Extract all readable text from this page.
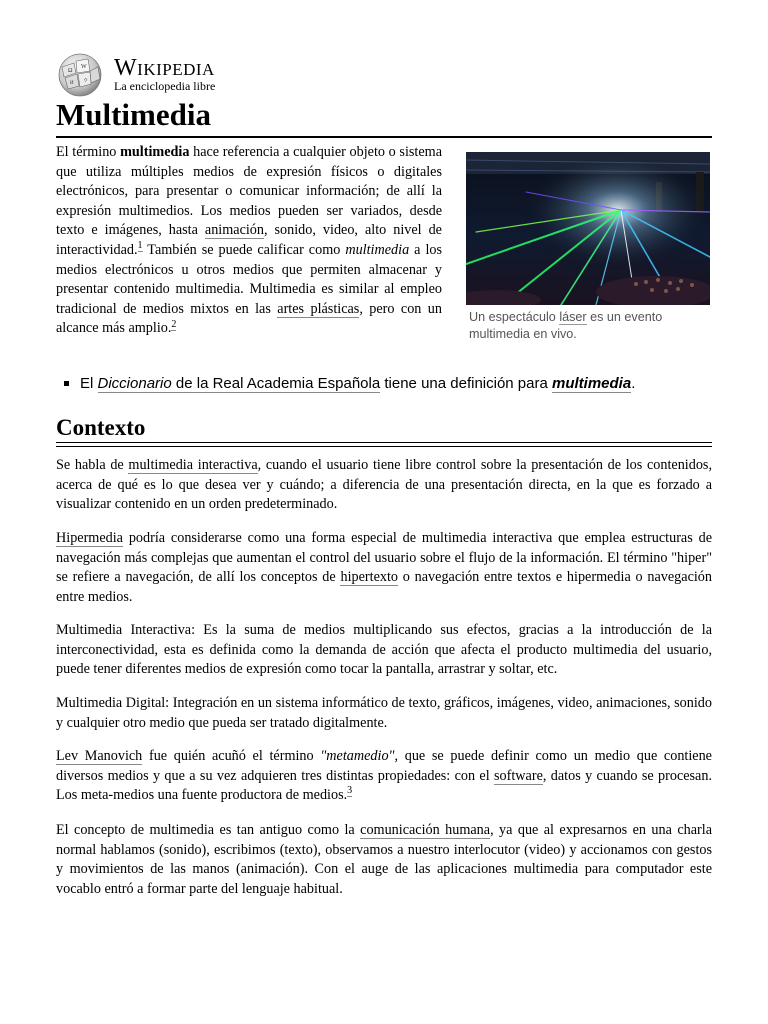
Ω
W
И ウ
Wikipedia
La enciclopedia libre
Multimedia

El término multimedia hace referencia a cualquier objeto o sistema que utiliza múltiples medios de expresión físicos o digitales electrónicos, para presentar o comunicar información; de allí la expresión multimedios. Los medios pueden ser variados, desde texto e imágenes, hasta animación, sonido, video, alto nivel de interactividad.$^1$ También se puede calificar como multimedia a los medios electrónicos u otros medios que permiten almacenar y presentar contenido multimedia. Multimedia es similar al empleo tradicional de medios mixtos en las artes plásticas, pero con un alcance más amplio.$^2$

Un espectáculo láser es un evento multimedia en vivo.
El Diccionario de la Real Academia Española tiene una definición para multimedia.
Contexto

Se habla de multimedia interactiva, cuando el usuario tiene libre control sobre la presentación de los contenidos, acerca de qué es lo que desea ver y cuándo; a diferencia de una presentación directa, en la que es forzado a visualizar contenido en un orden predeterminado.

Hipermedia podría considerarse como una forma especial de multimedia interactiva que emplea estructuras de navegación más complejas que aumentan el control del usuario sobre el flujo de la información. El término "hiper" se refiere a navegación, de allí los conceptos de hipertexto o navegación entre textos e hipermedia o navegación entre medios.

Multimedia Interactiva: Es la suma de medios multiplicando sus efectos, gracias a la introducción de la interconectividad, esta es definida como la demanda de acción que afecta el producto multimedia del usuario, puede tener diferentes medios de expresión como tocar la pantalla, arrastrar y soltar, etc.

Multimedia Digital: Integración en un sistema informático de texto, gráficos, imágenes, video, animaciones, sonido y cualquier otro medio que pueda ser tratado digitalmente.

Lev Manovich fue quién acuñó el término "metamedio", que se puede definir como un medio que contiene diversos medios y que a su vez adquieren tres distintas propiedades: con el software, datos y cuando se procesan. Los meta-medios una fuente productora de medios.$^3$

El concepto de multimedia es tan antiguo como la comunicación humana, ya que al expresarnos en una charla normal hablamos (sonido), escribimos (texto), observamos a nuestro interlocutor (video) y accionamos con gestos y movimientos de las manos (animación). Con el auge de las aplicaciones multimedia para computador este vocablo entró a formar parte del lenguaje habitual.
